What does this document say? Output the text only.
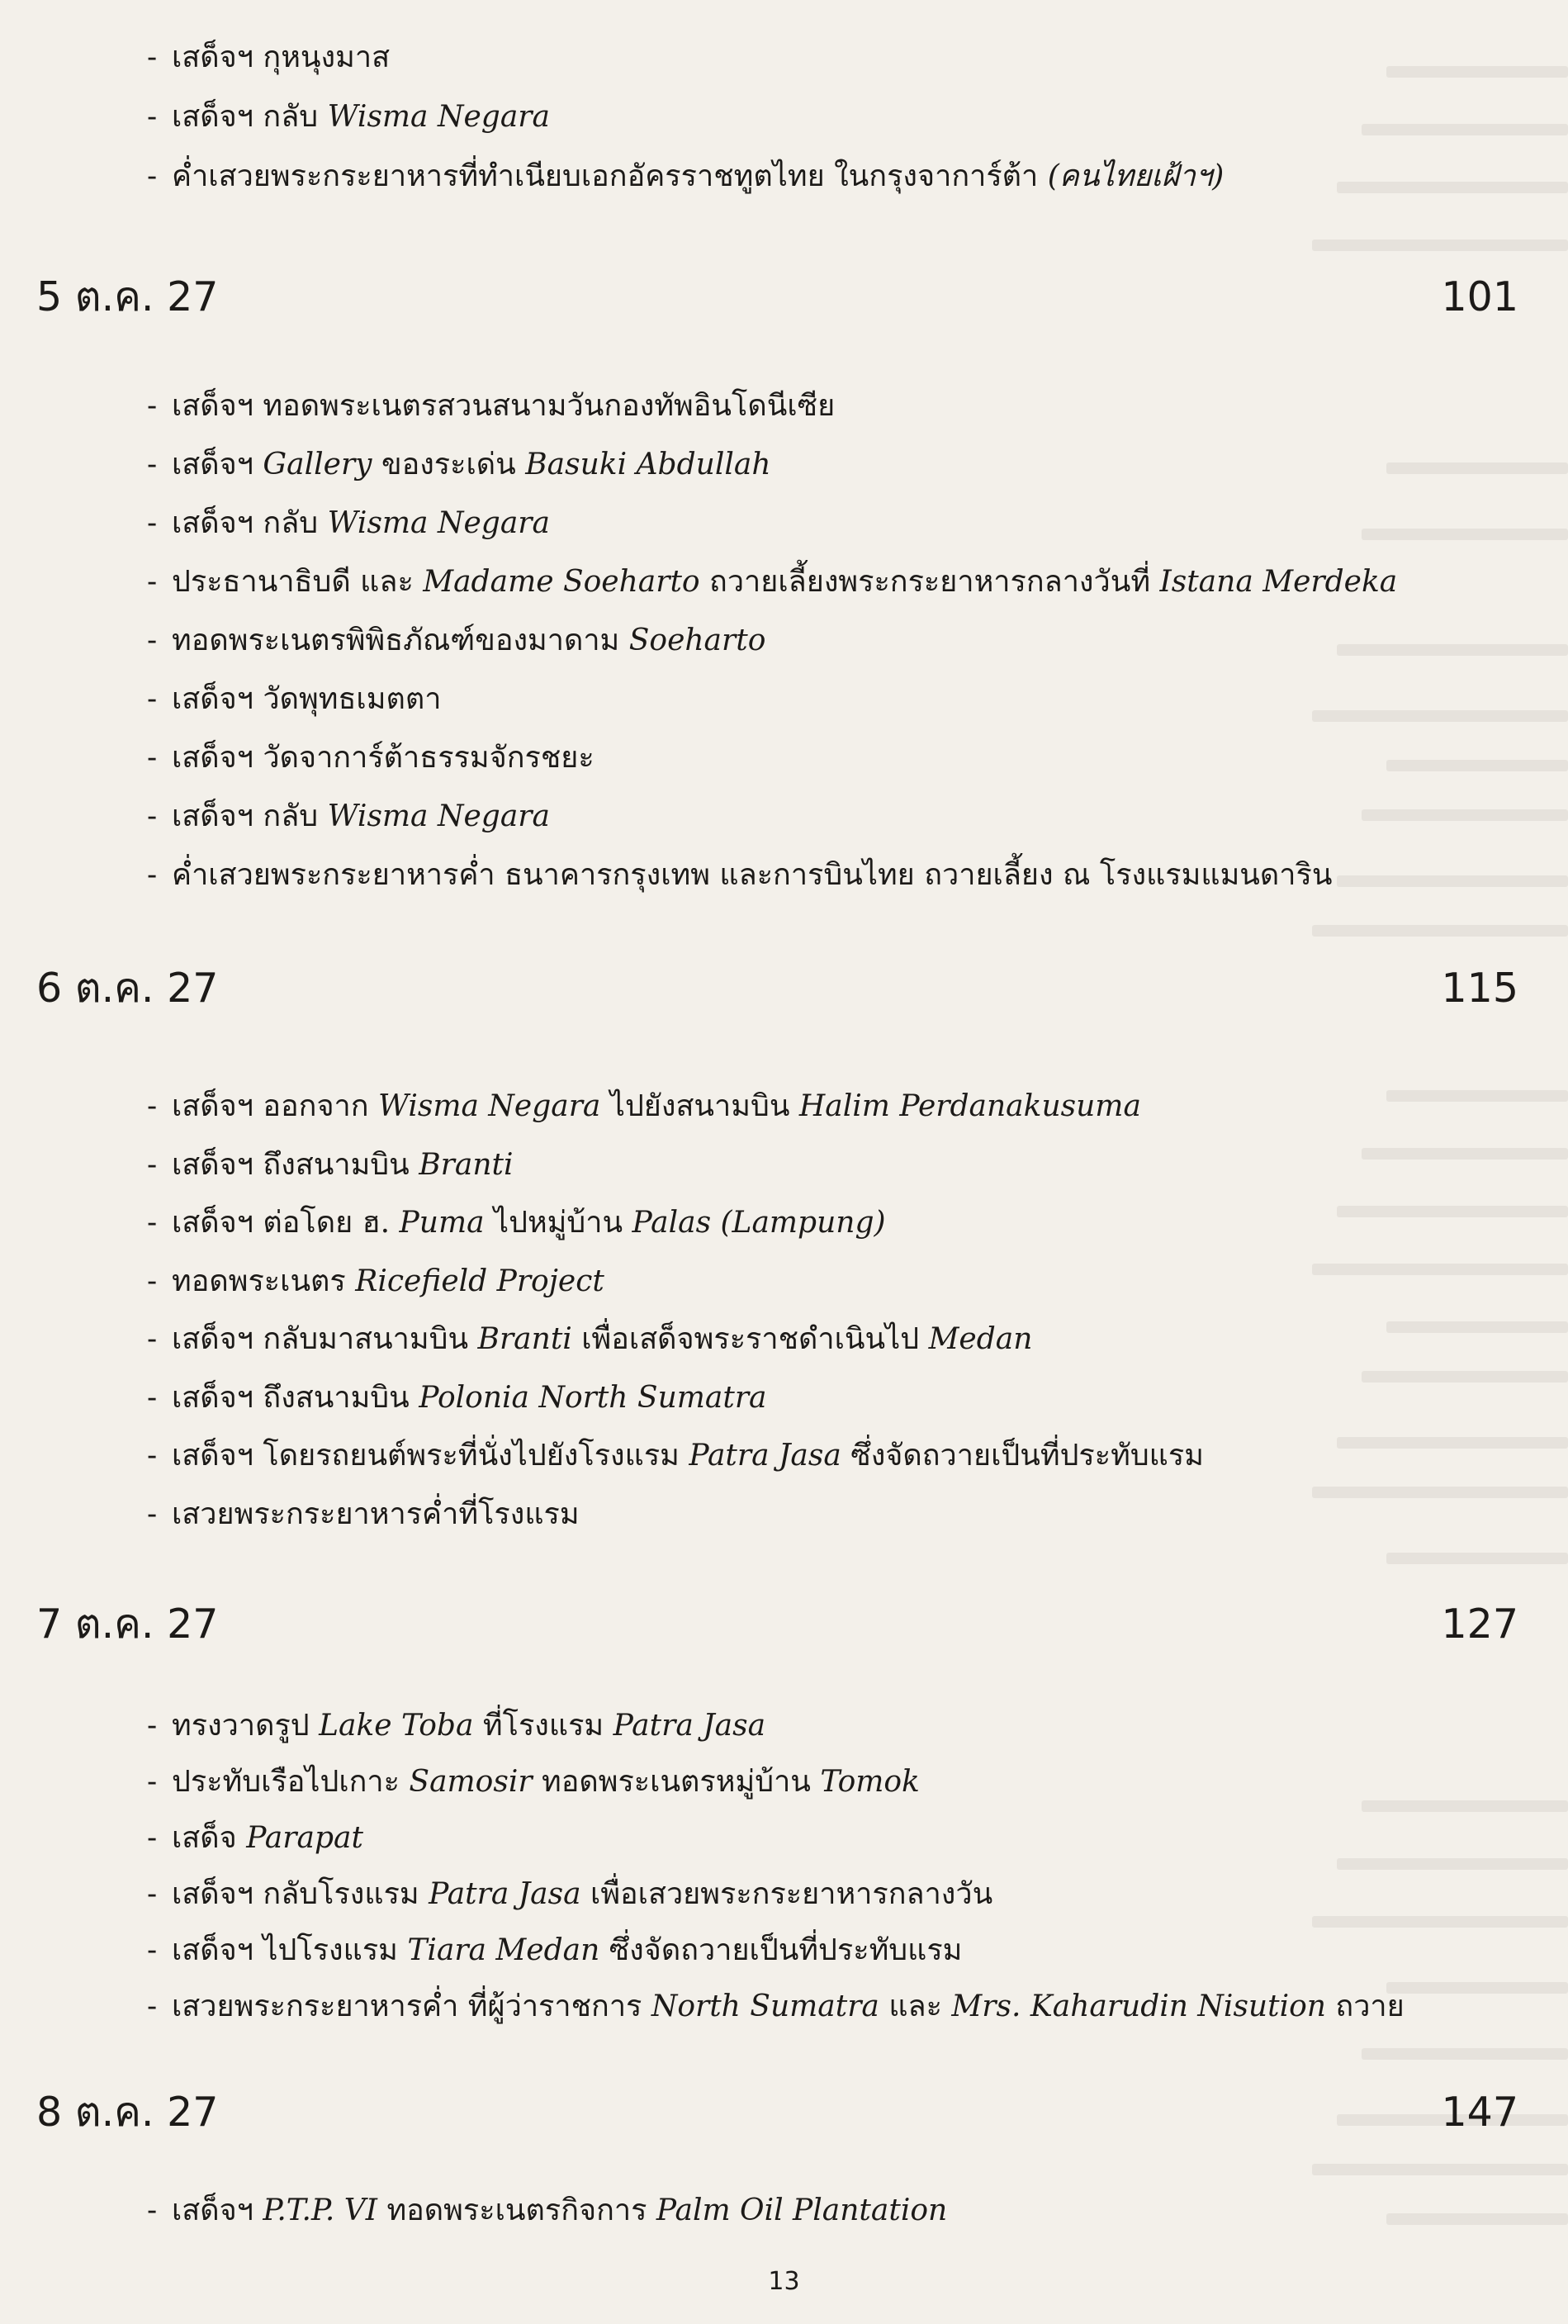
- เสด็จฯ กุหนุงมาส
- เสด็จฯ กลับ Wisma Negara
- ค่ำเสวยพระกระยาหารที่ทำเนียบเอกอัครราชทูตไทย ในกรุงจาการ์ต้า (คนไทยเฝ้าฯ)
5 ต.ค. 27	101
- เสด็จฯ ทอดพระเนตรสวนสนามวันกองทัพอินโดนีเซีย
- เสด็จฯ Gallery ของระเด่น Basuki Abdullah
- เสด็จฯ กลับ Wisma Negara
- ประธานาธิบดี และ Madame Soeharto ถวายเลี้ยงพระกระยาหารกลางวันที่ Istana Merdeka
- ทอดพระเนตรพิพิธภัณฑ์ของมาดาม Soeharto
- เสด็จฯ วัดพุทธเมตตา
- เสด็จฯ วัดจาการ์ต้าธรรมจักรชยะ
- เสด็จฯ กลับ Wisma Negara
- ค่ำเสวยพระกระยาหารค่ำ ธนาคารกรุงเทพ และการบินไทย ถวายเลี้ยง ณ โรงแรมแมนดาริน
6 ต.ค. 27	115
- เสด็จฯ ออกจาก Wisma Negara ไปยังสนามบิน Halim Perdanakusuma
- เสด็จฯ ถึงสนามบิน Branti
- เสด็จฯ ต่อโดย ฮ. Puma ไปหมู่บ้าน Palas (Lampung)
- ทอดพระเนตร Ricefield Project
- เสด็จฯ กลับมาสนามบิน Branti เพื่อเสด็จพระราชดำเนินไป Medan
- เสด็จฯ ถึงสนามบิน Polonia North Sumatra
- เสด็จฯ โดยรถยนต์พระที่นั่งไปยังโรงแรม Patra Jasa ซึ่งจัดถวายเป็นที่ประทับแรม
- เสวยพระกระยาหารค่ำที่โรงแรม
7 ต.ค. 27	127
- ทรงวาดรูป Lake Toba ที่โรงแรม Patra Jasa
- ประทับเรือไปเกาะ Samosir ทอดพระเนตรหมู่บ้าน Tomok
- เสด็จ Parapat
- เสด็จฯ กลับโรงแรม Patra Jasa เพื่อเสวยพระกระยาหารกลางวัน
- เสด็จฯ ไปโรงแรม Tiara Medan ซึ่งจัดถวายเป็นที่ประทับแรม
- เสวยพระกระยาหารค่ำ ที่ผู้ว่าราชการ North Sumatra และ Mrs. Kaharudin Nisution ถวาย
8 ต.ค. 27	147
- เสด็จฯ P.T.P. VI ทอดพระเนตรกิจการ Palm Oil Plantation
13
